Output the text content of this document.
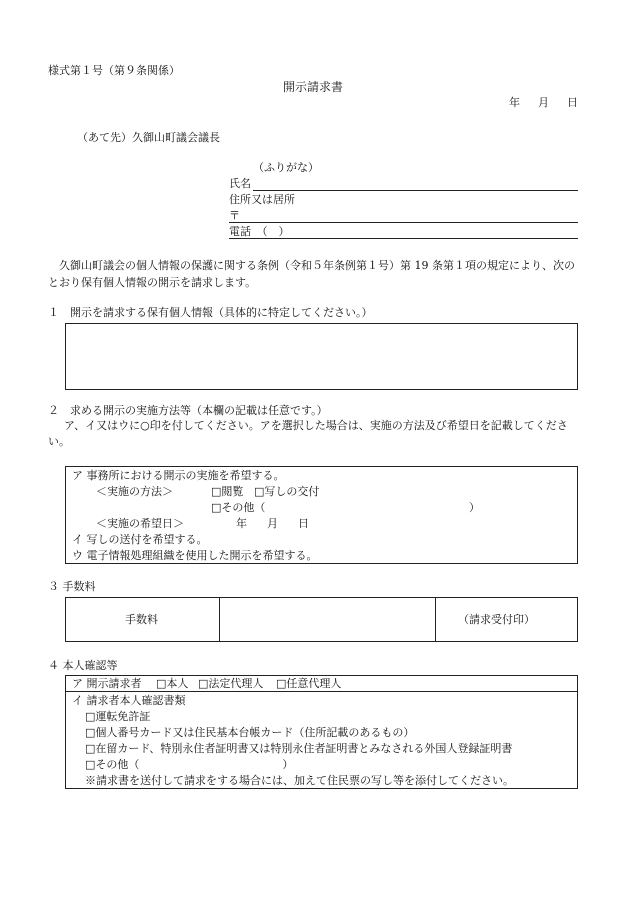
様式第１号（第９条関係）
開示請求書
年 月 日
（あて先）久御山町議会議長
（ふりがな）
氏名
住所又は居所
〒
電話　（　）
久御山町議会の個人情報の保護に関する条例（令和５年条例第１号）第 19 条第１項の規定により、次のとおり保有個人情報の開示を請求します。
１　開示を請求する保有個人情報（具体的に特定してください。）
２　求める開示の実施方法等（本欄の記載は任意です。）
ア、イ又はウに○印を付してください。アを選択した場合は、実施の方法及び希望日を記載してください。
ア 事務所における開示の実施を希望する。
＜実施の方法＞	□閲覧 □写しの交付
□その他（	）
＜実施の希望日＞	年 月 日
イ 写しの送付を希望する。
ウ 電子情報処理組織を使用した開示を希望する。
３ 手数料
手数料	（請求受付印）
４ 本人確認等
ア 開示請求者 □本人 □法定代理人 □任意代理人
イ 請求者本人確認書類
□運転免許証
□個人番号カード又は住民基本台帳カード（住所記載のあるもの）
□在留カード、特別永住者証明書又は特別永住者証明書とみなされる外国人登録証明書
□その他（　　　　　　　　　　　　　）
※請求書を送付して請求をする場合には、加えて住民票の写し等を添付してください。
